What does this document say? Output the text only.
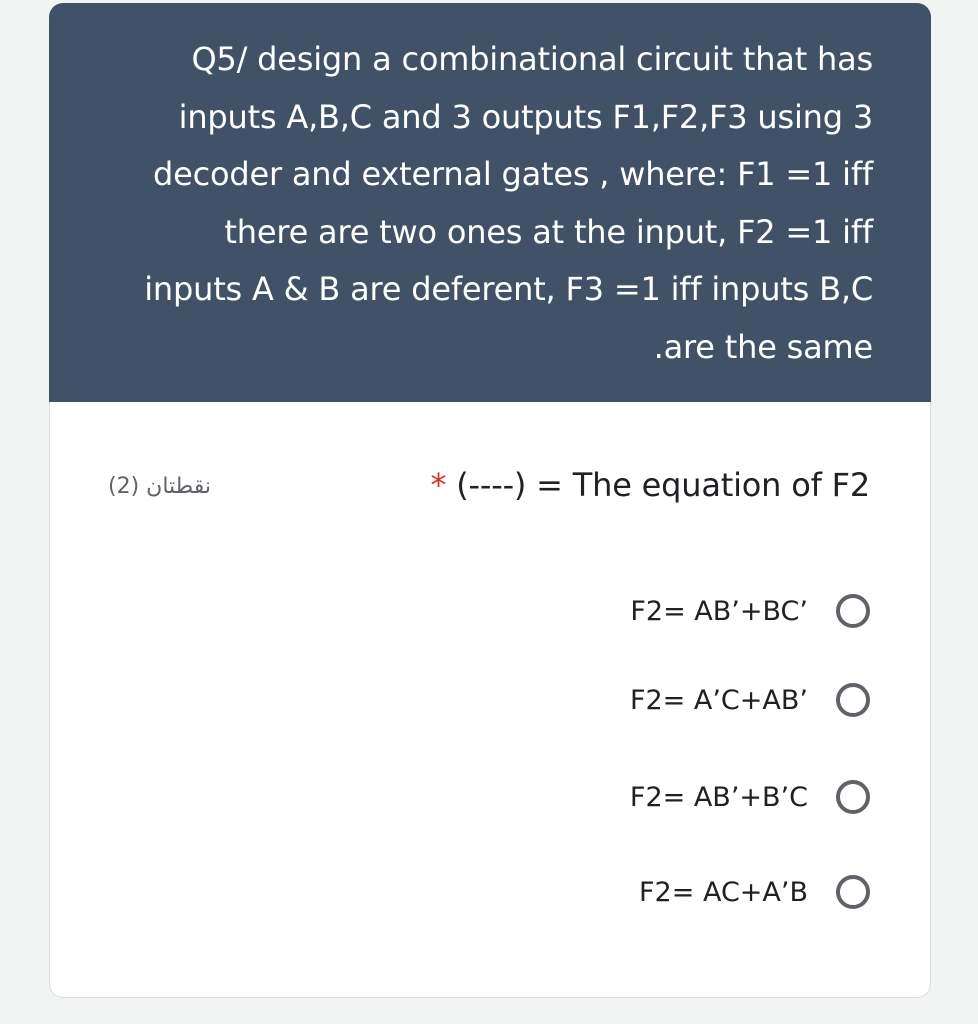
Q5/ design a combinational circuit that has
3 inputs A,B,C and 3 outputs F1,F2,F3 using
decoder and external gates , where: F1 =1 iff
there are two ones at the input, F2 =1 iff
inputs A & B are deferent, F3 =1 iff inputs B,C
are the same.

نقطتان (2)	* (----) = The equation of F2
F2= AB’+BC’
F2= A’C+AB’
F2= AB’+B’C
F2= AC+A’B
